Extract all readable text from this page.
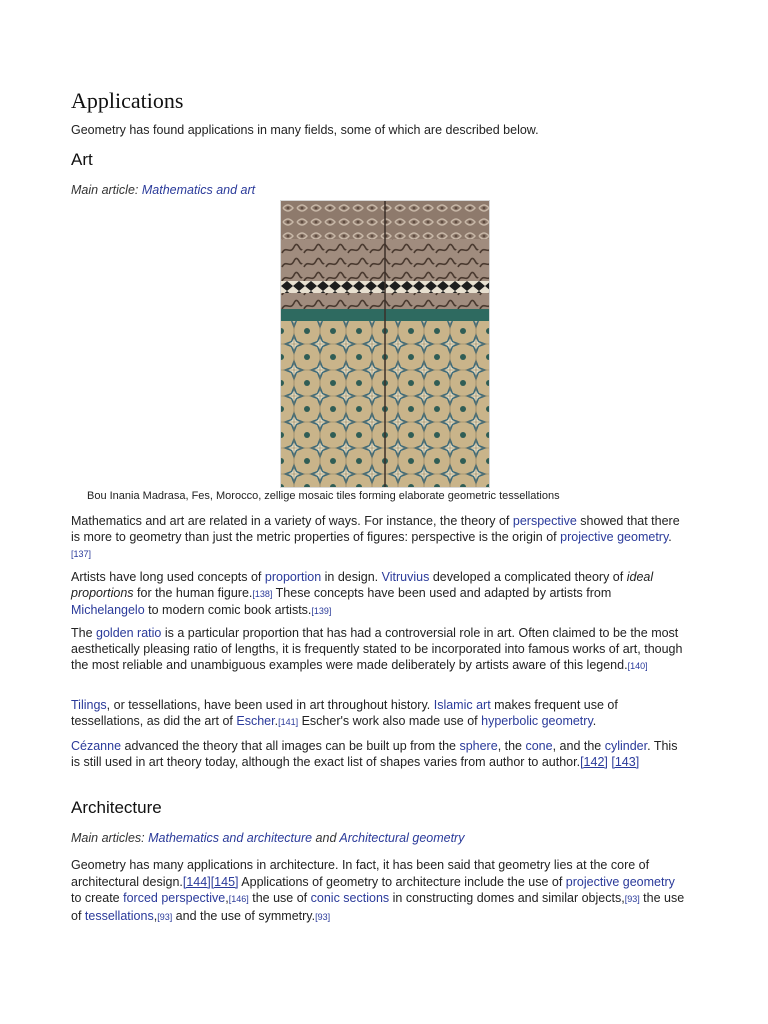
Applications

Geometry has found applications in many fields, some of which are described below.

Art

Main article: Mathematics and art

Bou Inania Madrasa, Fes, Morocco, zellige mosaic tiles forming elaborate geometric tessellations

Mathematics and art are related in a variety of ways. For instance, the theory of perspective showed that there is more to geometry than just the metric properties of figures: perspective is the origin of projective geometry.[137]

Artists have long used concepts of proportion in design. Vitruvius developed a complicated theory of ideal proportions for the human figure.[138] These concepts have been used and adapted by artists from Michelangelo to modern comic book artists.[139]

The golden ratio is a particular proportion that has had a controversial role in art. Often claimed to be the most aesthetically pleasing ratio of lengths, it is frequently stated to be incorporated into famous works of art, though the most reliable and unambiguous examples were made deliberately by artists aware of this legend.[140]

Tilings, or tessellations, have been used in art throughout history. Islamic art makes frequent use of tessellations, as did the art of Escher.[141] Escher's work also made use of hyperbolic geometry.

Cézanne advanced the theory that all images can be built up from the sphere, the cone, and the cylinder. This is still used in art theory today, although the exact list of shapes varies from author to author.[142] [143]

Architecture

Main articles: Mathematics and architecture and Architectural geometry

Geometry has many applications in architecture. In fact, it has been said that geometry lies at the core of architectural design.[144][145] Applications of geometry to architecture include the use of projective geometry to create forced perspective,[146] the use of conic sections in constructing domes and similar objects,[93] the use of tessellations,[93] and the use of symmetry.[93]
